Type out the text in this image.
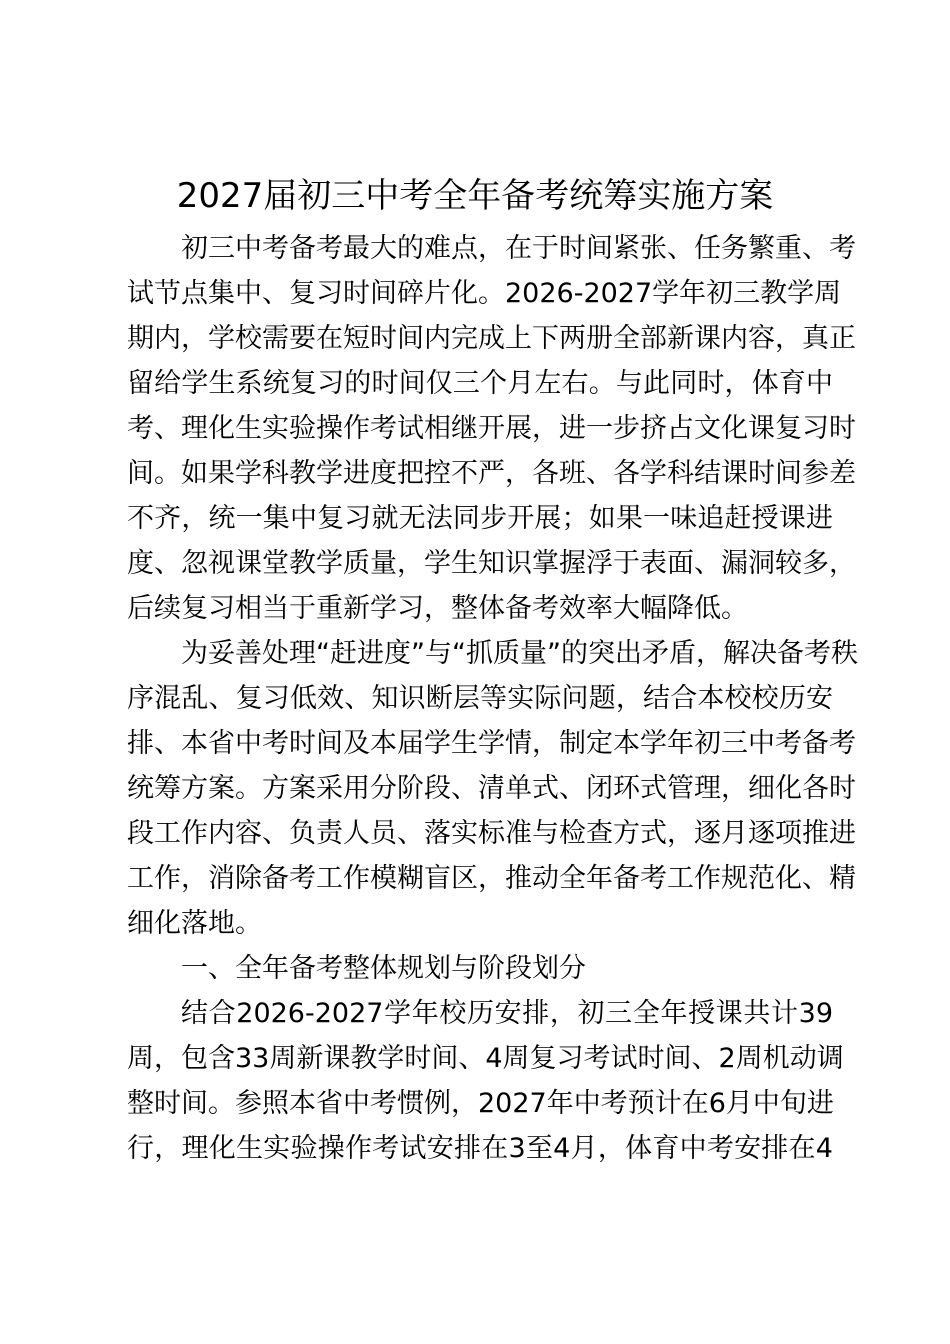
2027届初三中考全年备考统筹实施方案
初三中考备考最大的难点，在于时间紧张、任务繁重、考
试节点集中、复习时间碎片化。2026-2027学年初三教学周
期内，学校需要在短时间内完成上下两册全部新课内容，真正
留给学生系统复习的时间仅三个月左右。与此同时，体育中
考、理化生实验操作考试相继开展，进一步挤占文化课复习时
间。如果学科教学进度把控不严，各班、各学科结课时间参差
不齐，统一集中复习就无法同步开展；如果一味追赶授课进
度、忽视课堂教学质量，学生知识掌握浮于表面、漏洞较多，
后续复习相当于重新学习，整体备考效率大幅降低。
为妥善处理“赶进度”与“抓质量”的突出矛盾，解决备考秩
序混乱、复习低效、知识断层等实际问题，结合本校校历安
排、本省中考时间及本届学生学情，制定本学年初三中考备考
统筹方案。方案采用分阶段、清单式、闭环式管理，细化各时
段工作内容、负责人员、落实标准与检查方式，逐月逐项推进
工作，消除备考工作模糊盲区，推动全年备考工作规范化、精
细化落地。
一、全年备考整体规划与阶段划分
结合2026-2027学年校历安排，初三全年授课共计39
周，包含33周新课教学时间、4周复习考试时间、2周机动调
整时间。参照本省中考惯例，2027年中考预计在6月中旬进
行，理化生实验操作考试安排在3至4月，体育中考安排在4
